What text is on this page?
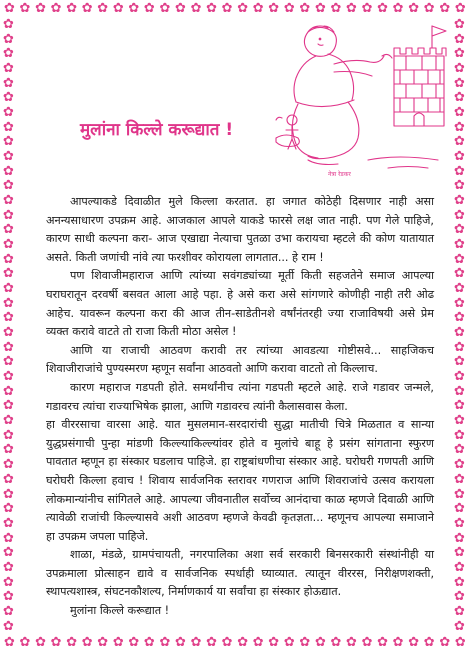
✿ ✿ ✿ ✿ ✿ ✿ ✿ ✿ ✿ ✿ ✿ ✿ ✿ ✿ ✿ ✿ ✿ ✿ ✿ ✿ ✿ ✿ ✿ ✿ ✿ ✿ ✿ ✿ ✿ ✿
✿ ✿ ✿ ✿ ✿ ✿ ✿ ✿ ✿ ✿ ✿ ✿ ✿ ✿ ✿ ✿ ✿ ✿ ✿ ✿ ✿ ✿ ✿ ✿ ✿ ✿ ✿ ✿ ✿ ✿
✿
✿
✿
✿
✿
✿
✿
✿
✿
✿
✿
✿
✿
✿
✿
✿
✿
✿
✿
✿
✿
✿
✿
✿
✿
✿
✿
✿
✿
✿
✿
✿
✿
✿
✿
✿
✿
✿
✿
✿
✿
✿
✿
✿
✿
✿
✿
✿
✿
✿
✿
✿
✿
✿
✿
✿
✿
✿
✿
✿
✿
✿
✿
✿
✿
✿
✿
✿
✿
✿
✿
✿
✿
✿
✿
✿
✿
✿
✿
✿
✿
✿
✿
✿
मुलांना किल्ले करूद्यात !
नेत्रा रेडकर

आपल्याकडे दिवाळीत मुले किल्ला करतात. हा जगात कोठेही दिसणार नाही असा अनन्यसाधारण उपक्रम आहे. आजकाल आपले याकडे फारसे लक्ष जात नाही. पण गेले पाहिजे, कारण साधी कल्पना करा- आज एखाद्या नेत्याचा पुतळा उभा करायचा म्हटले की कोण यातायात असते. किती जणांची नांवे त्या फरशीवर कोरायला लागतात... हे राम !

पण शिवाजीमहाराज आणि त्यांच्या सवंगड्यांच्या मूर्ती किती सहजतेने समाज आपल्या घराघरातून दरवर्षी बसवत आला आहे पहा. हे असे करा असे सांगणारे कोणीही नाही तरी ओढ आहेच. यावरून कल्पना करा की आज तीन-साडेतीनशे वर्षांनंतरही ज्या राजाविषयी असे प्रेम व्यक्त करावे वाटते तो राजा किती मोठा असेल !

आणि या राजाची आठवण करावी तर त्यांच्या आवडत्या गोष्टीसवे... साहजिकच शिवाजीराजांचे पुण्यस्मरण म्हणून सर्वांना आठवतो आणि करावा वाटतो तो किल्लाच.

कारण महाराज गडपती होते. समर्थांनीच त्यांना गडपती म्हटले आहे. राजे गडावर जन्मले, गडावरच त्यांचा राज्याभिषेक झाला, आणि गडावरच त्यांनी कैलासवास केला.

हा वीररसाचा वारसा आहे. यात मुसलमान-सरदारांची सुद्धा मातीची चित्रे मिळतात व सान्या युद्धप्रसंगाची पुन्हा मांडणी किल्ल्याकिल्ल्यांवर होते व मुलांचे बाहू हे प्रसंग सांगताना स्फुरण पावतात म्हणून हा संस्कार घडलाच पाहिजे. हा राष्ट्रबांधणीचा संस्कार आहे. घरोघरी गणपती आणि घरोघरी किल्ला हवाच ! शिवाय सार्वजनिक स्तरावर गणराज आणि शिवराजांचे उत्सव करायला लोकमान्यांनीच सांगितले आहे. आपल्या जीवनातील सर्वोच्च आनंदाचा काळ म्हणजे दिवाळी आणि त्यावेळी राजांची किल्ल्यासवे अशी आठवण म्हणजे केवढी कृतज्ञता... म्हणूनच आपल्या समाजाने हा उपक्रम जपला पाहिजे.

शाळा, मंडळे, ग्रामपंचायती, नगरपालिका अशा सर्व सरकारी बिनसरकारी संस्थांनीही या उपक्रमाला प्रोत्साहन द्यावे व सार्वजनिक स्पर्धाही घ्याव्यात. त्यातून वीररस, निरीक्षणशक्ती, स्थापत्यशास्त्र, संघटनकौशल्य, निर्माणकार्य या सर्वांचा हा संस्कार होऊद्यात.

मुलांना किल्ले करूद्यात !
